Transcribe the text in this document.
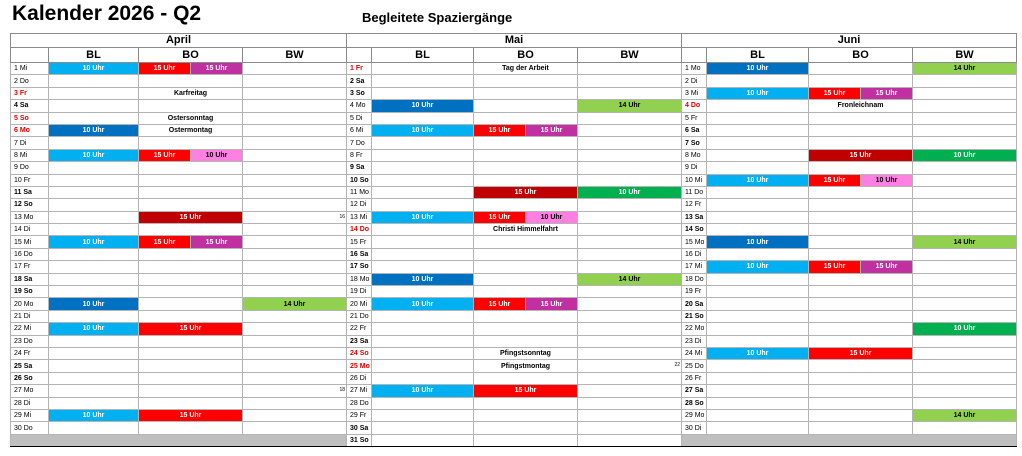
Kalender 2026 - Q2	Begleitete Spaziergänge
April					Mai					Juni				
	BL	BO		BW		BL	BO		BW		BL	BO		BW
1 Mi	10 Uhr	15 Uhr	15 Uhr		1 Fr		Tag der Arbeit			1 Mo	10 Uhr			14 Uhr
2 Do					2 Sa					2 Di				
3 Fr		Karfreitag			3 So					3 Mi	10 Uhr	15 Uhr	15 Uhr	
4 Sa					4 Mo	10 Uhr			14 Uhr	4 Do		Fronleichnam		
5 So		Ostersonntag			5 Di					5 Fr				
6 Mo	10 Uhr	Ostermontag			6 Mi	10 Uhr	15 Uhr	15 Uhr		6 Sa				
7 Di					7 Do					7 So				
8 Mi	10 Uhr	15 Uhr	10 Uhr		8 Fr					8 Mo		15 Uhr		10 Uhr
9 Do					9 Sa					9 Di				
10 Fr					10 So					10 Mi	10 Uhr	15 Uhr	10 Uhr	
11 Sa					11 Mo		15 Uhr		10 Uhr	11 Do				
12 So					12 Di					12 Fr				
13 Mo		15 Uhr		16	13 Mi	10 Uhr	15 Uhr	10 Uhr		13 Sa				
14 Di					14 Do		Christi Himmelfahrt			14 So				
15 Mi	10 Uhr	15 Uhr	15 Uhr		15 Fr					15 Mo	10 Uhr			14 Uhr
16 Do					16 Sa					16 Di				
17 Fr					17 So					17 Mi	10 Uhr	15 Uhr	15 Uhr	
18 Sa					18 Mo	10 Uhr			14 Uhr	18 Do				
19 So					19 Di					19 Fr				
20 Mo	10 Uhr			14 Uhr	20 Mi	10 Uhr	15 Uhr	15 Uhr		20 Sa				
21 Di					21 Do					21 So				
22 Mi	10 Uhr	15 Uhr			22 Fr					22 Mo				10 Uhr
23 Do					23 Sa					23 Di				
24 Fr					24 So		Pfingstsonntag			24 Mi	10 Uhr	15 Uhr		
25 Sa					25 Mo		Pfingstmontag		22	25 Do				
26 So					26 Di					26 Fr				
27 Mo				18	27 Mi	10 Uhr	15 Uhr			27 Sa				
28 Di					28 Do					28 So				
29 Mi	10 Uhr	15 Uhr			29 Fr					29 Mo				14 Uhr
30 Do					30 Sa					30 Di				
					31 So									
